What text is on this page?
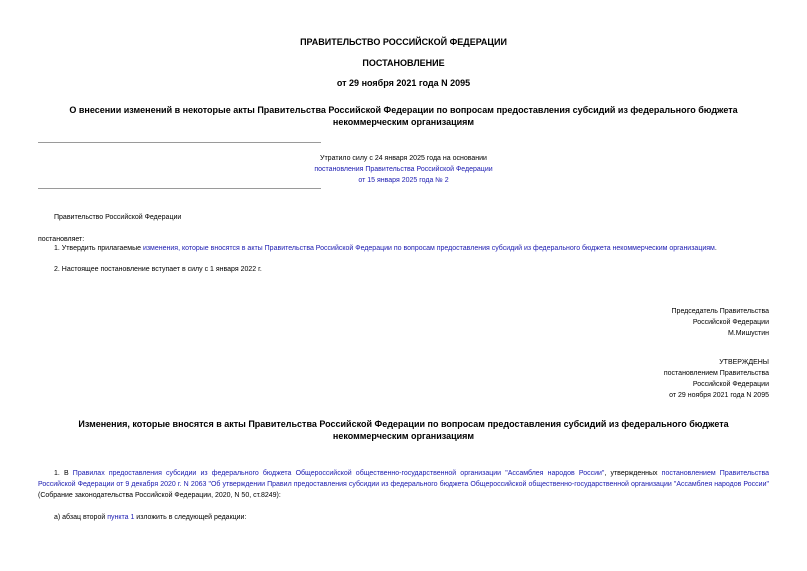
ПРАВИТЕЛЬСТВО РОССИЙСКОЙ ФЕДЕРАЦИИ
ПОСТАНОВЛЕНИЕ
от 29 ноября 2021 года N 2095
О внесении изменений в некоторые акты Правительства Российской Федерации по вопросам предоставления субсидий из федерального бюджета некоммерческим организациям
Утратило силу с 24 января 2025 года на основании
постановления Правительства Российской Федерации
от 15 января 2025 года № 2
Правительство Российской Федерации
постановляет:
1. Утвердить прилагаемые изменения, которые вносятся в акты Правительства Российской Федерации по вопросам предоставления субсидий из федерального бюджета некоммерческим организациям.
2. Настоящее постановление вступает в силу с 1 января 2022 г.
Председатель Правительства
Российской Федерации
М.Мишустин
УТВЕРЖДЕНЫ
постановлением Правительства
Российской Федерации
от 29 ноября 2021 года N 2095
Изменения, которые вносятся в акты Правительства Российской Федерации по вопросам предоставления субсидий из федерального бюджета некоммерческим организациям
1. В Правилах предоставления субсидии из федерального бюджета Общероссийской общественно-государственной организации "Ассамблея народов России", утвержденных постановлением Правительства Российской Федерации от 9 декабря 2020 г. N 2063 "Об утверждении Правил предоставления субсидии из федерального бюджета Общероссийской общественно-государственной организации "Ассамблея народов России" (Собрание законодательства Российской Федерации, 2020, N 50, ст.8249):
а) абзац второй пункта 1 изложить в следующей редакции:
